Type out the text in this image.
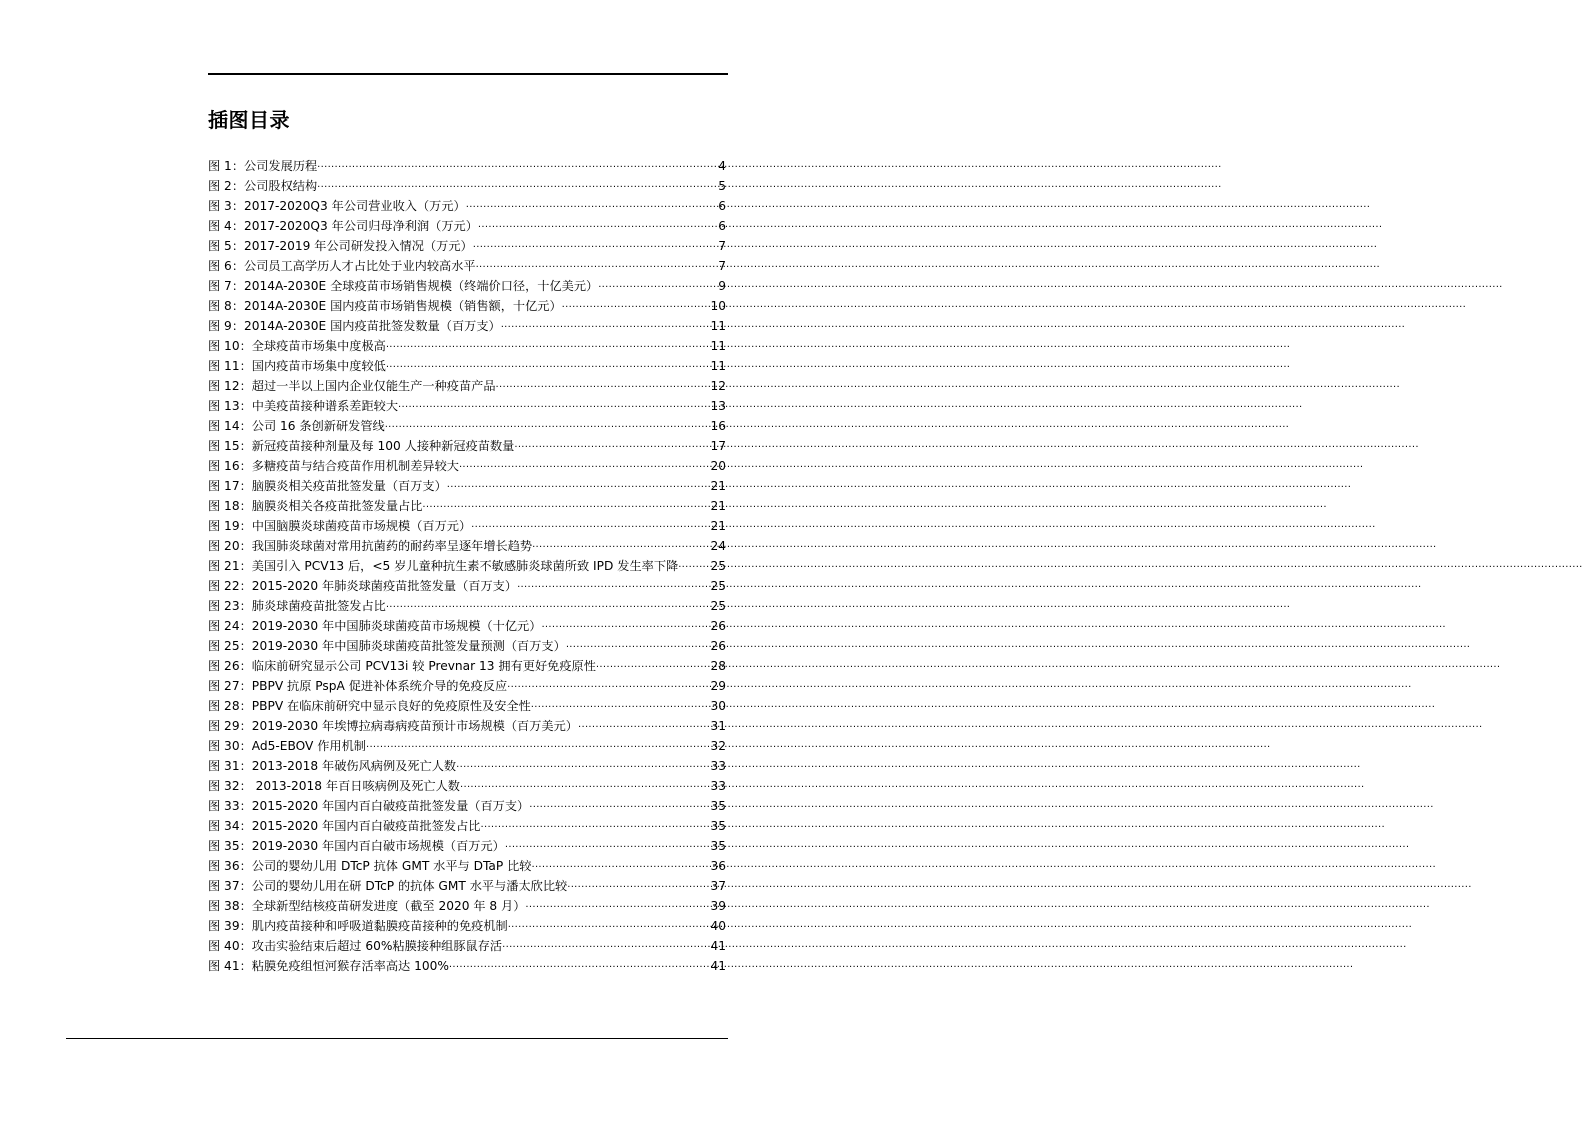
插图目录
图 1：公司发展历程 .....	4
图 2：公司股权结构 .....	5
图 3：2017-2020Q3 年公司营业收入（万元） .....	6
图 4：2017-2020Q3 年公司归母净利润（万元） .....	6
图 5：2017-2019 年公司研发投入情况（万元） .....	7
图 6：公司员工高学历人才占比处于业内较高水平 .....	7
图 7：2014A-2030E 全球疫苗市场销售规模（终端价口径，十亿美元） .....	9
图 8：2014A-2030E 国内疫苗市场销售规模（销售额，十亿元） .....	10
图 9：2014A-2030E 国内疫苗批签发数量（百万支） .....	11
图 10：全球疫苗市场集中度极高 .....	11
图 11：国内疫苗市场集中度较低 .....	11
图 12：超过一半以上国内企业仅能生产一种疫苗产品 .....	12
图 13：中美疫苗接种谱系差距较大 .....	13
图 14：公司 16 条创新研发管线 .....	16
图 15：新冠疫苗接种剂量及每 100 人接种新冠疫苗数量 .....	17
图 16：多糖疫苗与结合疫苗作用机制差异较大 .....	20
图 17：脑膜炎相关疫苗批签发量（百万支） .....	21
图 18：脑膜炎相关各疫苗批签发量占比 .....	21
图 19：中国脑膜炎球菌疫苗市场规模（百万元） .....	21
图 20：我国肺炎球菌对常用抗菌药的耐药率呈逐年增长趋势 .....	24
图 21：美国引入 PCV13 后，<5 岁儿童种抗生素不敏感肺炎球菌所致 IPD 发生率下降 .....	25
图 22：2015-2020 年肺炎球菌疫苗批签发量（百万支） .....	25
图 23：肺炎球菌疫苗批签发占比 .....	25
图 24：2019-2030 年中国肺炎球菌疫苗市场规模（十亿元） .....	26
图 25：2019-2030 年中国肺炎球菌疫苗批签发量预测（百万支） .....	26
图 26：临床前研究显示公司 PCV13i 较 Prevnar 13 拥有更好免疫原性 .....	28
图 27：PBPV 抗原 PspA 促进补体系统介导的免疫反应 .....	29
图 28：PBPV 在临床前研究中显示良好的免疫原性及安全性 .....	30
图 29：2019-2030 年埃博拉病毒病疫苗预计市场规模（百万美元） .....	31
图 30：Ad5-EBOV 作用机制 .....	32
图 31：2013-2018 年破伤风病例及死亡人数 .....	33
图 32： 2013-2018 年百日咳病例及死亡人数 .....	33
图 33：2015-2020 年国内百白破疫苗批签发量（百万支） .....	35
图 34：2015-2020 年国内百白破疫苗批签发占比 .....	35
图 35：2019-2030 年国内百白破市场规模（百万元） .....	35
图 36：公司的婴幼儿用 DTcP 抗体 GMT 水平与 DTaP 比较 .....	36
图 37：公司的婴幼儿用在研 DTcP 的抗体 GMT 水平与潘太欣比较 .....	37
图 38：全球新型结核疫苗研发进度（截至 2020 年 8 月） .....	39
图 39：肌内疫苗接种和呼吸道黏膜疫苗接种的免疫机制 .....	40
图 40：攻击实验结束后超过 60%粘膜接种组豚鼠存活 .....	41
图 41：粘膜免疫组恒河猴存活率高达 100% .....	41
